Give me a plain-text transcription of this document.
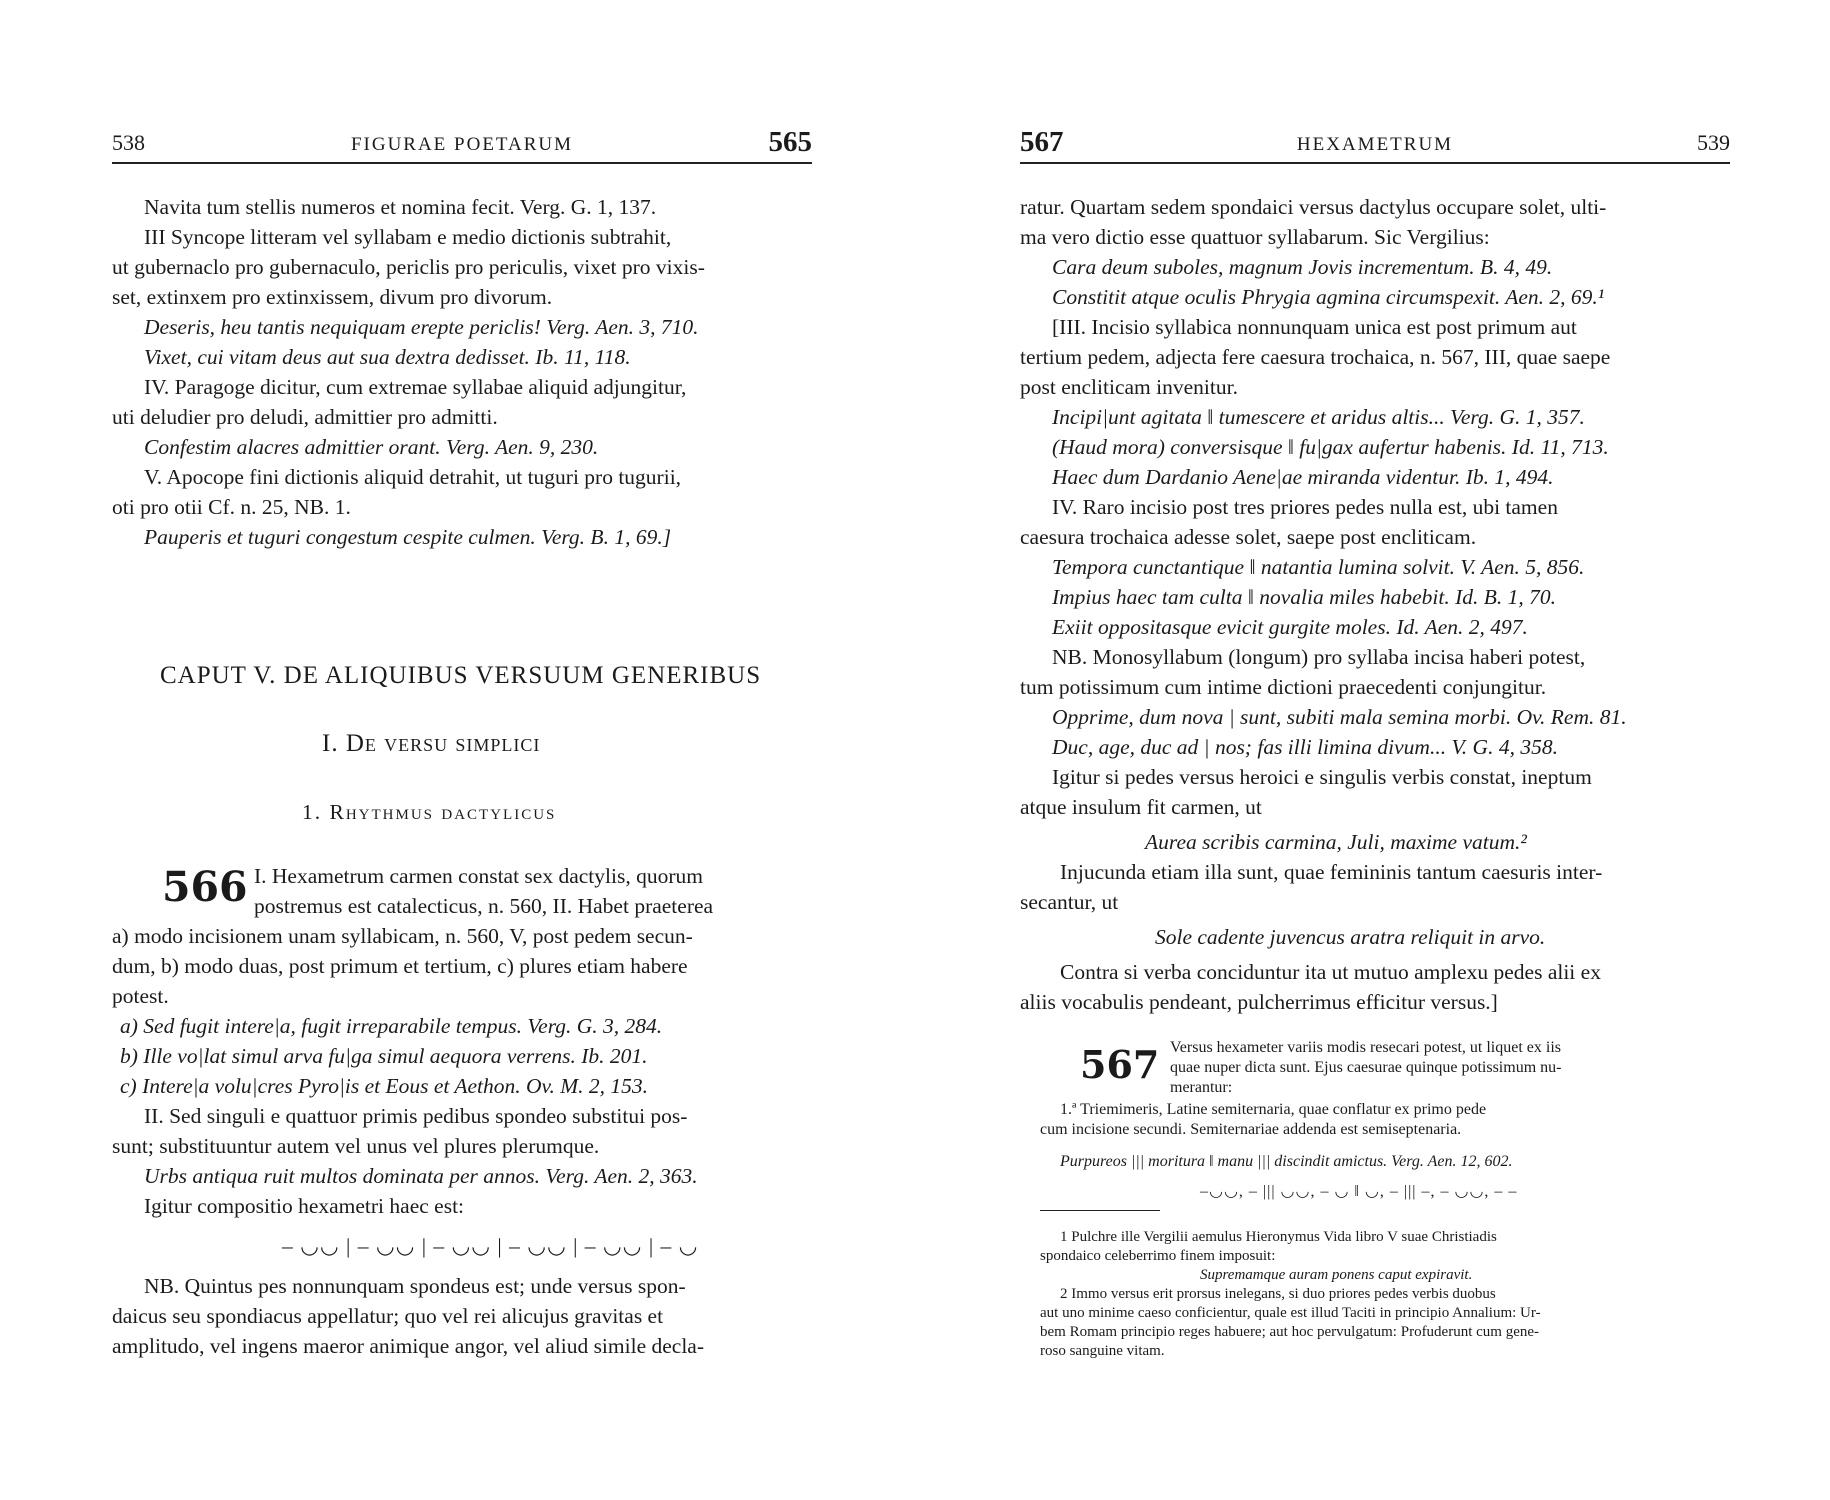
538	FIGURAE POETARUM	565
Navita tum stellis numeros et nomina fecit. Verg. G. 1, 137.
III Syncope litteram vel syllabam e medio dictionis subtrahit,
ut gubernaclo pro gubernaculo, periclis pro periculis, vixet pro vixis-
set, extinxem pro extinxissem, divum pro divorum.
Deseris, heu tantis nequiquam erepte periclis! Verg. Aen. 3, 710.
Vixet, cui vitam deus aut sua dextra dedisset. Ib. 11, 118.
IV. Paragoge dicitur, cum extremae syllabae aliquid adjungitur,
uti deludier pro deludi, admittier pro admitti.
Confestim alacres admittier orant. Verg. Aen. 9, 230.
V. Apocope fini dictionis aliquid detrahit, ut tuguri pro tugurii,
oti pro otii Cf. n. 25, NB. 1.
Pauperis et tuguri congestum cespite culmen. Verg. B. 1, 69.]
CAPUT V. DE ALIQUIBUS VERSUUM GENERIBUS
I. De versu simplici
1. Rhythmus dactylicus
566 I. Hexametrum carmen constat sex dactylis, quorum
postremus est catalecticus, n. 560, II. Habet praeterea
a) modo incisionem unam syllabicam, n. 560, V, post pedem secun-
dum, b) modo duas, post primum et tertium, c) plures etiam habere
potest.
a) Sed fugit intere|a, fugit irreparabile tempus. Verg. G. 3, 284.
b) Ille vo|lat simul arva fu|ga simul aequora verrens. Ib. 201.
c) Intere|a volu|cres Pyro|is et Eous et Aethon. Ov. M. 2, 153.
II. Sed singuli e quattuor primis pedibus spondeo substitui pos-
sunt; substituuntur autem vel unus vel plures plerumque.
Urbs antiqua ruit multos dominata per annos. Verg. Aen. 2, 363.
Igitur compositio hexametri haec est:
– ◡◡ | – ◡◡ | – ◡◡ | – ◡◡ | – ◡◡ | – ◡
NB. Quintus pes nonnunquam spondeus est; unde versus spon-
daicus seu spondiacus appellatur; quo vel rei alicujus gravitas et
amplitudo, vel ingens maeror animique angor, vel aliud simile decla-
567	HEXAMETRUM	539
ratur. Quartam sedem spondaici versus dactylus occupare solet, ulti-
ma vero dictio esse quattuor syllabarum. Sic Vergilius:
Cara deum suboles, magnum Jovis incrementum. B. 4, 49.
Constitit atque oculis Phrygia agmina circumspexit. Aen. 2, 69.¹
[III. Incisio syllabica nonnunquam unica est post primum aut
tertium pedem, adjecta fere caesura trochaica, n. 567, III, quae saepe
post encliticam invenitur.
Incipi|unt agitata ‖ tumescere et aridus altis... Verg. G. 1, 357.
(Haud mora) conversisque ‖ fu|gax aufertur habenis. Id. 11, 713.
Haec dum Dardanio Aene|ae miranda videntur. Ib. 1, 494.
IV. Raro incisio post tres priores pedes nulla est, ubi tamen
caesura trochaica adesse solet, saepe post encliticam.
Tempora cunctantique ‖ natantia lumina solvit. V. Aen. 5, 856.
Impius haec tam culta ‖ novalia miles habebit. Id. B. 1, 70.
Exiit oppositasque evicit gurgite moles. Id. Aen. 2, 497.
NB. Monosyllabum (longum) pro syllaba incisa haberi potest,
tum potissimum cum intime dictioni praecedenti conjungitur.
Opprime, dum nova | sunt, subiti mala semina morbi. Ov. Rem. 81.
Duc, age, duc ad | nos; fas illi limina divum... V. G. 4, 358.
Igitur si pedes versus heroici e singulis verbis constat, ineptum
atque insulum fit carmen, ut
Aurea scribis carmina, Juli, maxime vatum.²
Injucunda etiam illa sunt, quae femininis tantum caesuris inter-
secantur, ut
Sole cadente juvencus aratra reliquit in arvo.
Contra si verba conciduntur ita ut mutuo amplexu pedes alii ex
aliis vocabulis pendeant, pulcherrimus efficitur versus.]
567 Versus hexameter variis modis resecari potest, ut liquet ex iis
quae nuper dicta sunt. Ejus caesurae quinque potissimum nu-
merantur:
1.ª Triemimeris, Latine semiternaria, quae conflatur ex primo pede
cum incisione secundi. Semiternariae addenda est semiseptenaria.
Purpureos ||| moritura ‖ manu ||| discindit amictus. Verg. Aen. 12, 602.
–◡◡, – ||| ◡◡, – ◡ ‖ ◡, – ||| –, – ◡◡, – –
1 Pulchre ille Vergilii aemulus Hieronymus Vida libro V suae Christiadis
spondaico celeberrimo finem imposuit:
Supremamque auram ponens caput expiravit.
2 Immo versus erit prorsus inelegans, si duo priores pedes verbis duobus
aut uno minime caeso conficientur, quale est illud Taciti in principio Annalium: Ur-
bem Romam principio reges habuere; aut hoc pervulgatum: Profuderunt cum gene-
roso sanguine vitam.
